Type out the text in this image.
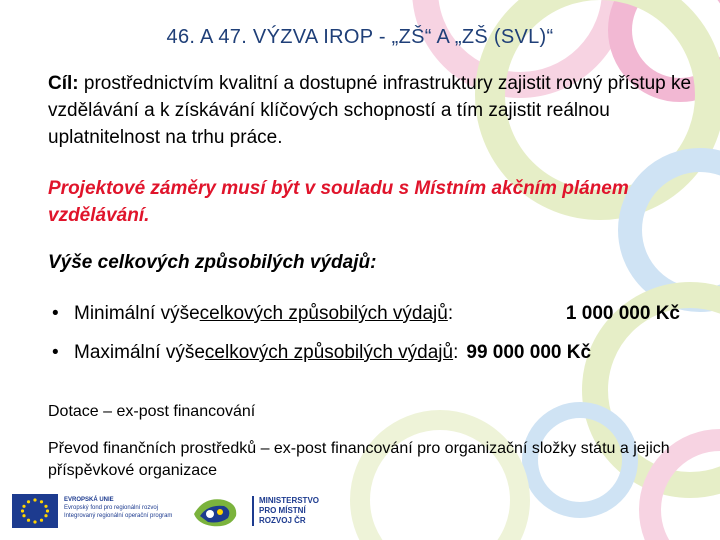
46. A 47. VÝZVA IROP - „ZŠ“ A „ZŠ (SVL)“
Cíl: prostřednictvím kvalitní a dostupné infrastruktury zajistit rovný přístup ke vzdělávání a k získávání klíčových schopností a tím zajistit reálnou uplatnitelnost na trhu práce.
Projektové záměry musí být v souladu s Místním akčním plánem vzdělávání.
Výše celkových způsobilých výdajů:
• Minimální výše celkových způsobilých výdajů :	1 000 000 Kč
• Maximální výše celkových způsobilých výdajů : 99 000 000 Kč
Dotace – ex-post financování
Převod finančních prostředků – ex-post financování pro organizační složky státu a jejich příspěvkové organizace
EVROPSKÁ UNIE
Evropský fond pro regionální rozvoj
Integrovaný regionální operační program
MINISTERSTVO
PRO MÍSTNÍ
ROZVOJ ČR
